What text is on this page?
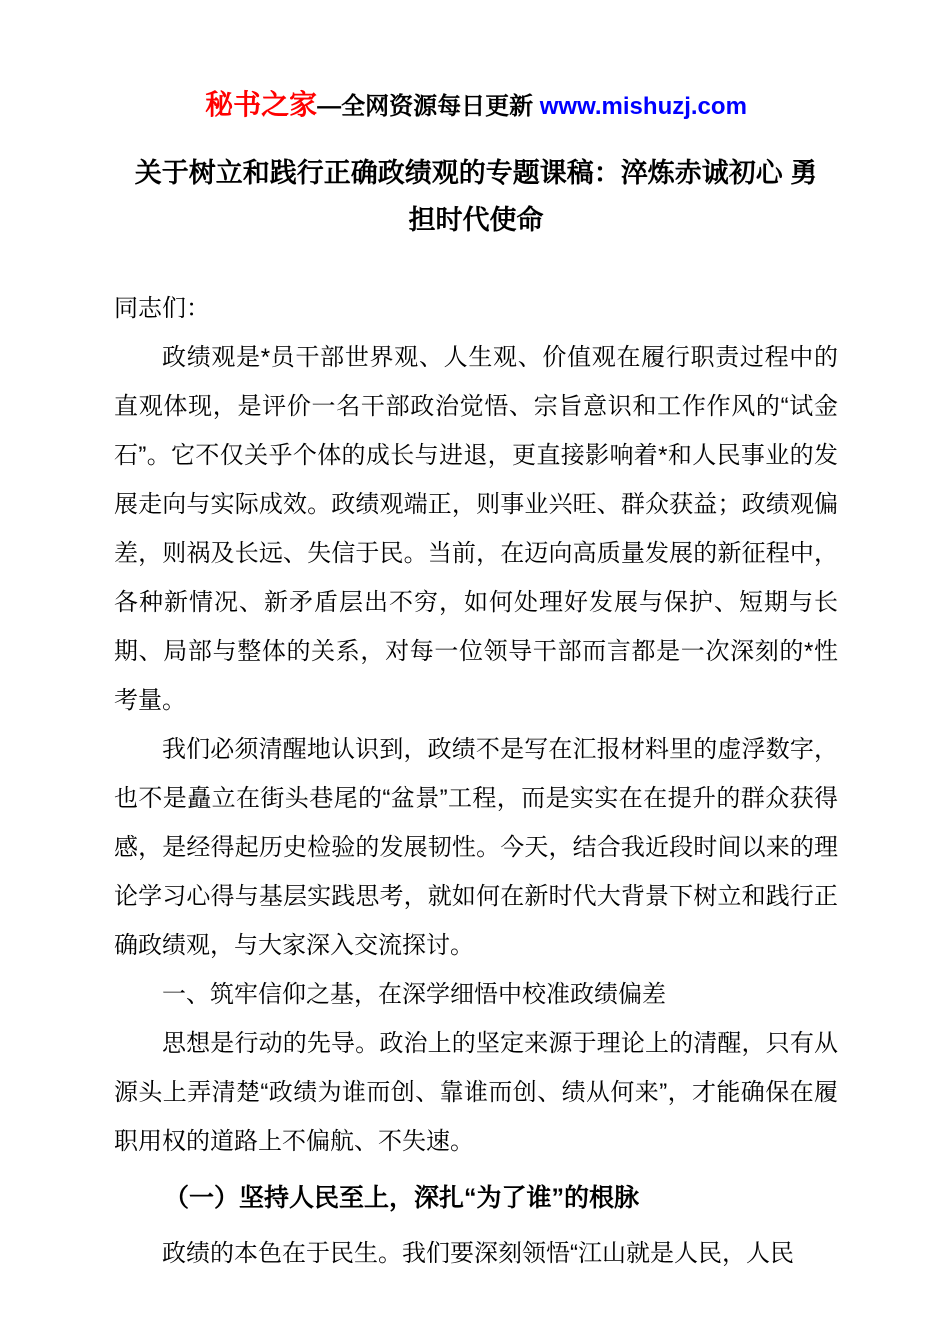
秘书之家—全网资源每日更新 www.mishuzj.com
关于树立和践行正确政绩观的专题课稿：淬炼赤诚初心 勇担时代使命

同志们：

政绩观是*员干部世界观、人生观、价值观在履行职责过程中的直观体现，是评价一名干部政治觉悟、宗旨意识和工作作风的“试金石”。它不仅关乎个体的成长与进退，更直接影响着*和人民事业的发展走向与实际成效。政绩观端正，则事业兴旺、群众获益；政绩观偏差，则祸及长远、失信于民。当前，在迈向高质量发展的新征程中，各种新情况、新矛盾层出不穷，如何处理好发展与保护、短期与长期、局部与整体的关系，对每一位领导干部而言都是一次深刻的*性考量。

我们必须清醒地认识到，政绩不是写在汇报材料里的虚浮数字，也不是矗立在街头巷尾的“盆景”工程，而是实实在在提升的群众获得感，是经得起历史检验的发展韧性。今天，结合我近段时间以来的理论学习心得与基层实践思考，就如何在新时代大背景下树立和践行正确政绩观，与大家深入交流探讨。

一、筑牢信仰之基，在深学细悟中校准政绩偏差

思想是行动的先导。政治上的坚定来源于理论上的清醒，只有从源头上弄清楚“政绩为谁而创、靠谁而创、绩从何来”，才能确保在履职用权的道路上不偏航、不失速。

（一）坚持人民至上，深扎“为了谁”的根脉

政绩的本色在于民生。我们要深刻领悟“江山就是人民，人民
